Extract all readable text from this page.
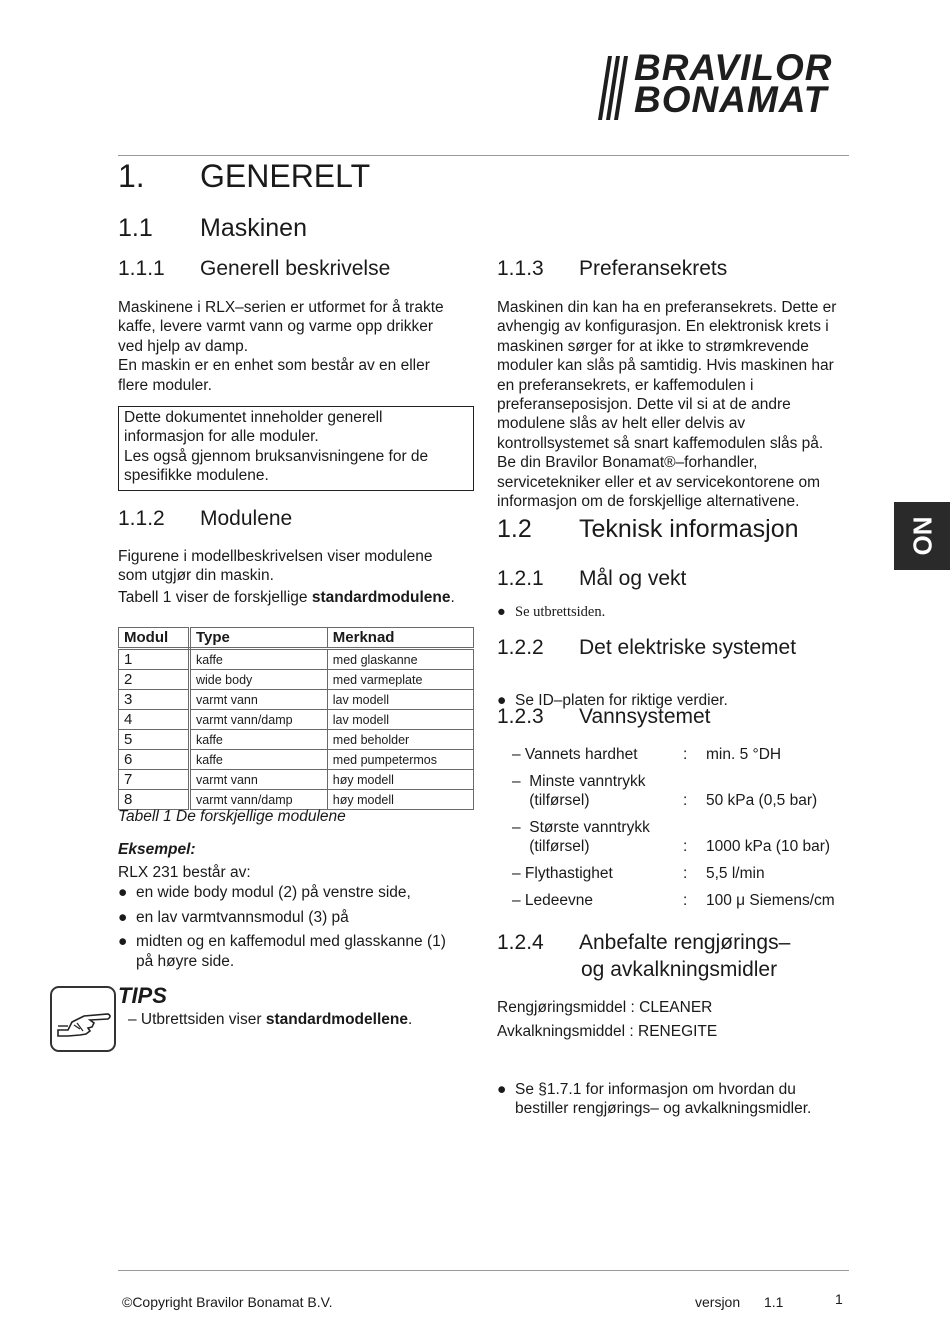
BRAVILOR
BONAMAT
NO
1. GENERELT
1.1 Maskinen
1.1.1 Generell beskrivelse
Maskinene i RLX–serien er utformet for å trakte
kaffe, levere varmt vann og varme opp drikker
ved hjelp av damp.
En maskin er en enhet som består av en eller
flere moduler.
Dette dokumentet inneholder generell
informasjon for alle moduler.
Les også gjennom bruksanvisningene for de
spesifikke modulene.
1.1.2 Modulene
Figurene i modellbeskrivelsen viser modulene
som utgjør din maskin.
Tabell 1 viser de forskjellige standardmodulene.
Modul	Type	Merknad
1	kaffe	med glaskanne
2	wide body	med varmeplate
3	varmt vann	lav modell
4	varmt vann/damp	lav modell
5	kaffe	med beholder
6	kaffe	med pumpetermos
7	varmt vann	høy modell
8	varmt vann/damp	høy modell
Tabell 1 De forskjellige modulene
Eksempel:
RLX 231 består av:
● en wide body modul (2) på venstre side,
● en lav varmtvannsmodul (3) på
● midten og en kaffemodul med glasskanne (1)
på høyre side.
TIPS
– Utbrettsiden viser standardmodellene.
1.1.3 Preferansekrets
Maskinen din kan ha en preferansekrets. Dette er
avhengig av konfigurasjon. En elektronisk krets i
maskinen sørger for at ikke to strømkrevende
moduler kan slås på samtidig. Hvis maskinen har
en preferansekrets, er kaffemodulen i
preferanseposisjon. Dette vil si at de andre
modulene slås av helt eller delvis av
kontrollsystemet så snart kaffemodulen slås på.
Be din Bravilor Bonamat®–forhandler,
servicetekniker eller et av servicekontorene om
informasjon om de forskjellige alternativene.
1.2 Teknisk informasjon
1.2.1 Mål og vekt
● Se utbrettsiden.
1.2.2 Det elektriske systemet
● Se ID–platen for riktige verdier.
1.2.3 Vannsystemet
– Vannets hardhet	: min. 5 °DH
–  Minste vanntrykk
(tilførsel)	: 50 kPa (0,5 bar)
–  Største vanntrykk
(tilførsel)	: 1000 kPa (10 bar)
– Flythastighet	: 5,5 l/min
– Ledeevne	: 100 μ Siemens/cm
1.2.4 Anbefalte rengjørings–
og avkalkningsmidler
Rengjøringsmiddel : CLEANER
Avkalkningsmiddel : RENEGITE
● Se §1.7.1 for informasjon om hvordan du
bestiller rengjørings– og avkalkningsmidler.
©Copyright Bravilor Bonamat B.V.	versjon 1.1	1
